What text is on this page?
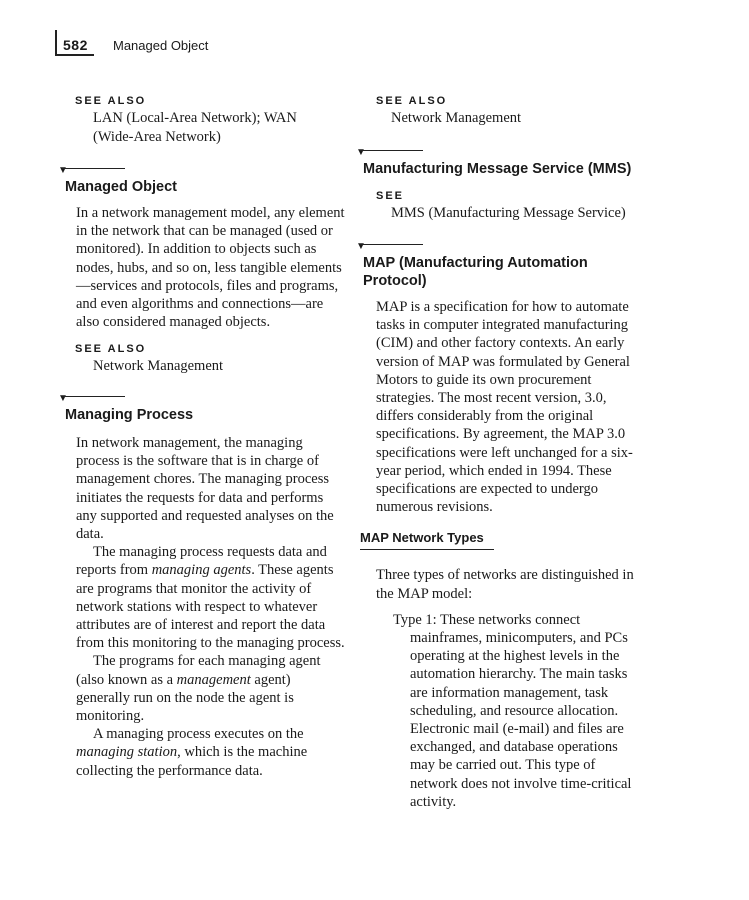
582 Managed Object
SEE ALSO
LAN (Local-Area Network); WAN
(Wide-Area Network)
▼
Managed Object

In a network management model, any element in the network that can be managed (used or monitored). In addition to objects such as nodes, hubs, and so on, less tangible elements—services and protocols, files and programs, and even algorithms and connections—are also considered managed objects.

SEE ALSO
Network Management
▼
Managing Process

In network management, the managing process is the software that is in charge of management chores. The managing process initiates the requests for data and performs any supported and requested analyses on the data.

The managing process requests data and reports from managing agents. These agents are programs that monitor the activity of network stations with respect to whatever attributes are of interest and report the data from this monitoring to the managing process.

The programs for each managing agent (also known as a management agent) generally run on the node the agent is monitoring.

A managing process executes on the managing station, which is the machine collecting the performance data.

SEE ALSO
Network Management
▼
Manufacturing Message Service (MMS)
SEE
MMS (Manufacturing Message Service)
▼
MAP (Manufacturing Automation Protocol)

MAP is a specification for how to automate tasks in computer integrated manufacturing (CIM) and other factory contexts. An early version of MAP was formulated by General Motors to guide its own procurement strategies. The most recent version, 3.0, differs considerably from the original specifications. By agreement, the MAP 3.0 specifications were left unchanged for a six-year period, which ended in 1994. These specifications are expected to undergo numerous revisions.

MAP Network Types

Three types of networks are distinguished in the MAP model:

Type 1: These networks connect mainframes, minicomputers, and PCs operating at the highest levels in the automation hierarchy. The main tasks are information management, task scheduling, and resource allocation. Electronic mail (e-mail) and files are exchanged, and database operations may be carried out. This type of network does not involve time-critical activity.
